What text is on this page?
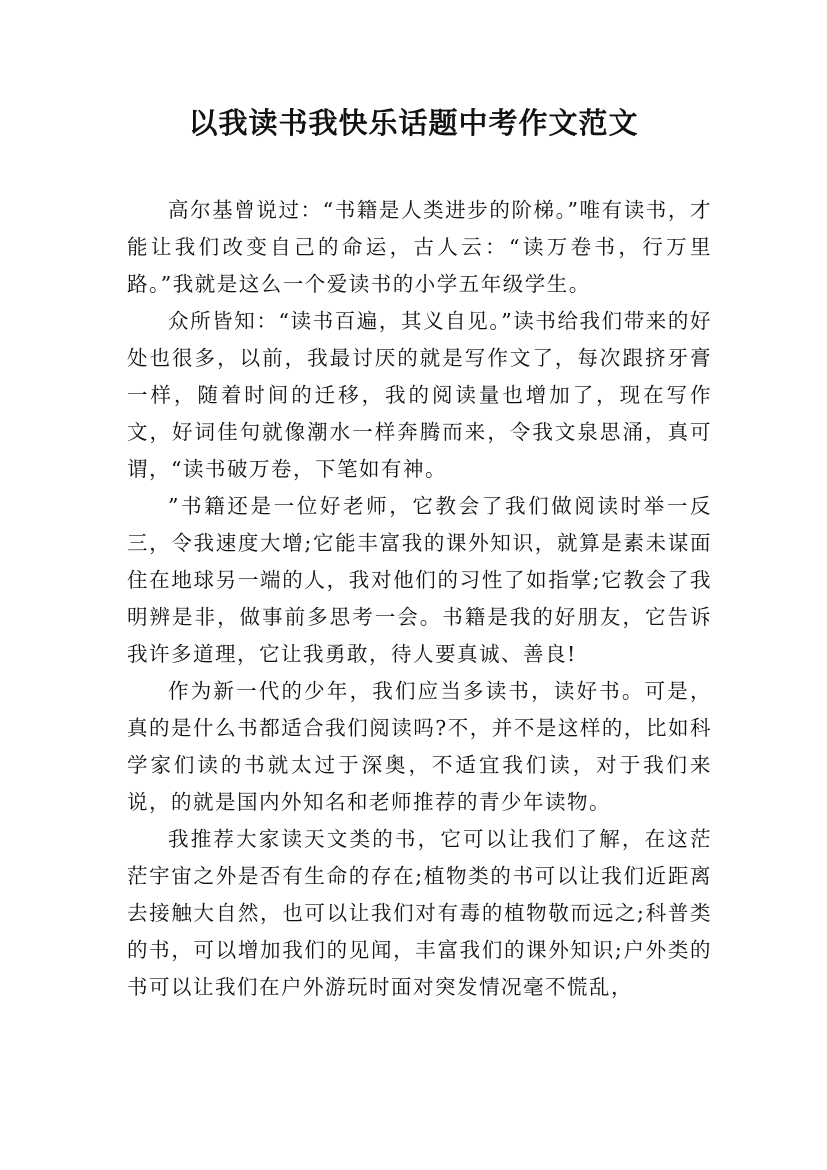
以我读书我快乐话题中考作文范文

高尔基曾说过：“书籍是人类进步的阶梯。”唯有读书，才能让我们改变自己的命运，古人云：“读万卷书，行万里路。”我就是这么一个爱读书的小学五年级学生。

众所皆知：“读书百遍，其义自见。”读书给我们带来的好处也很多，以前，我最讨厌的就是写作文了，每次跟挤牙膏一样，随着时间的迁移，我的阅读量也增加了，现在写作文，好词佳句就像潮水一样奔腾而来，令我文泉思涌，真可谓，“读书破万卷，下笔如有神。

”书籍还是一位好老师，它教会了我们做阅读时举一反三，令我速度大增;它能丰富我的课外知识，就算是素未谋面住在地球另一端的人，我对他们的习性了如指掌;它教会了我明辨是非，做事前多思考一会。书籍是我的好朋友，它告诉我许多道理，它让我勇敢，待人要真诚、善良!

作为新一代的少年，我们应当多读书，读好书。可是，真的是什么书都适合我们阅读吗?不，并不是这样的，比如科学家们读的书就太过于深奥，不适宜我们读，对于我们来说，的就是国内外知名和老师推荐的青少年读物。

我推荐大家读天文类的书，它可以让我们了解，在这茫茫宇宙之外是否有生命的存在;植物类的书可以让我们近距离去接触大自然，也可以让我们对有毒的植物敬而远之;科普类的书，可以增加我们的见闻，丰富我们的课外知识;户外类的书可以让我们在户外游玩时面对突发情况毫不慌乱，
